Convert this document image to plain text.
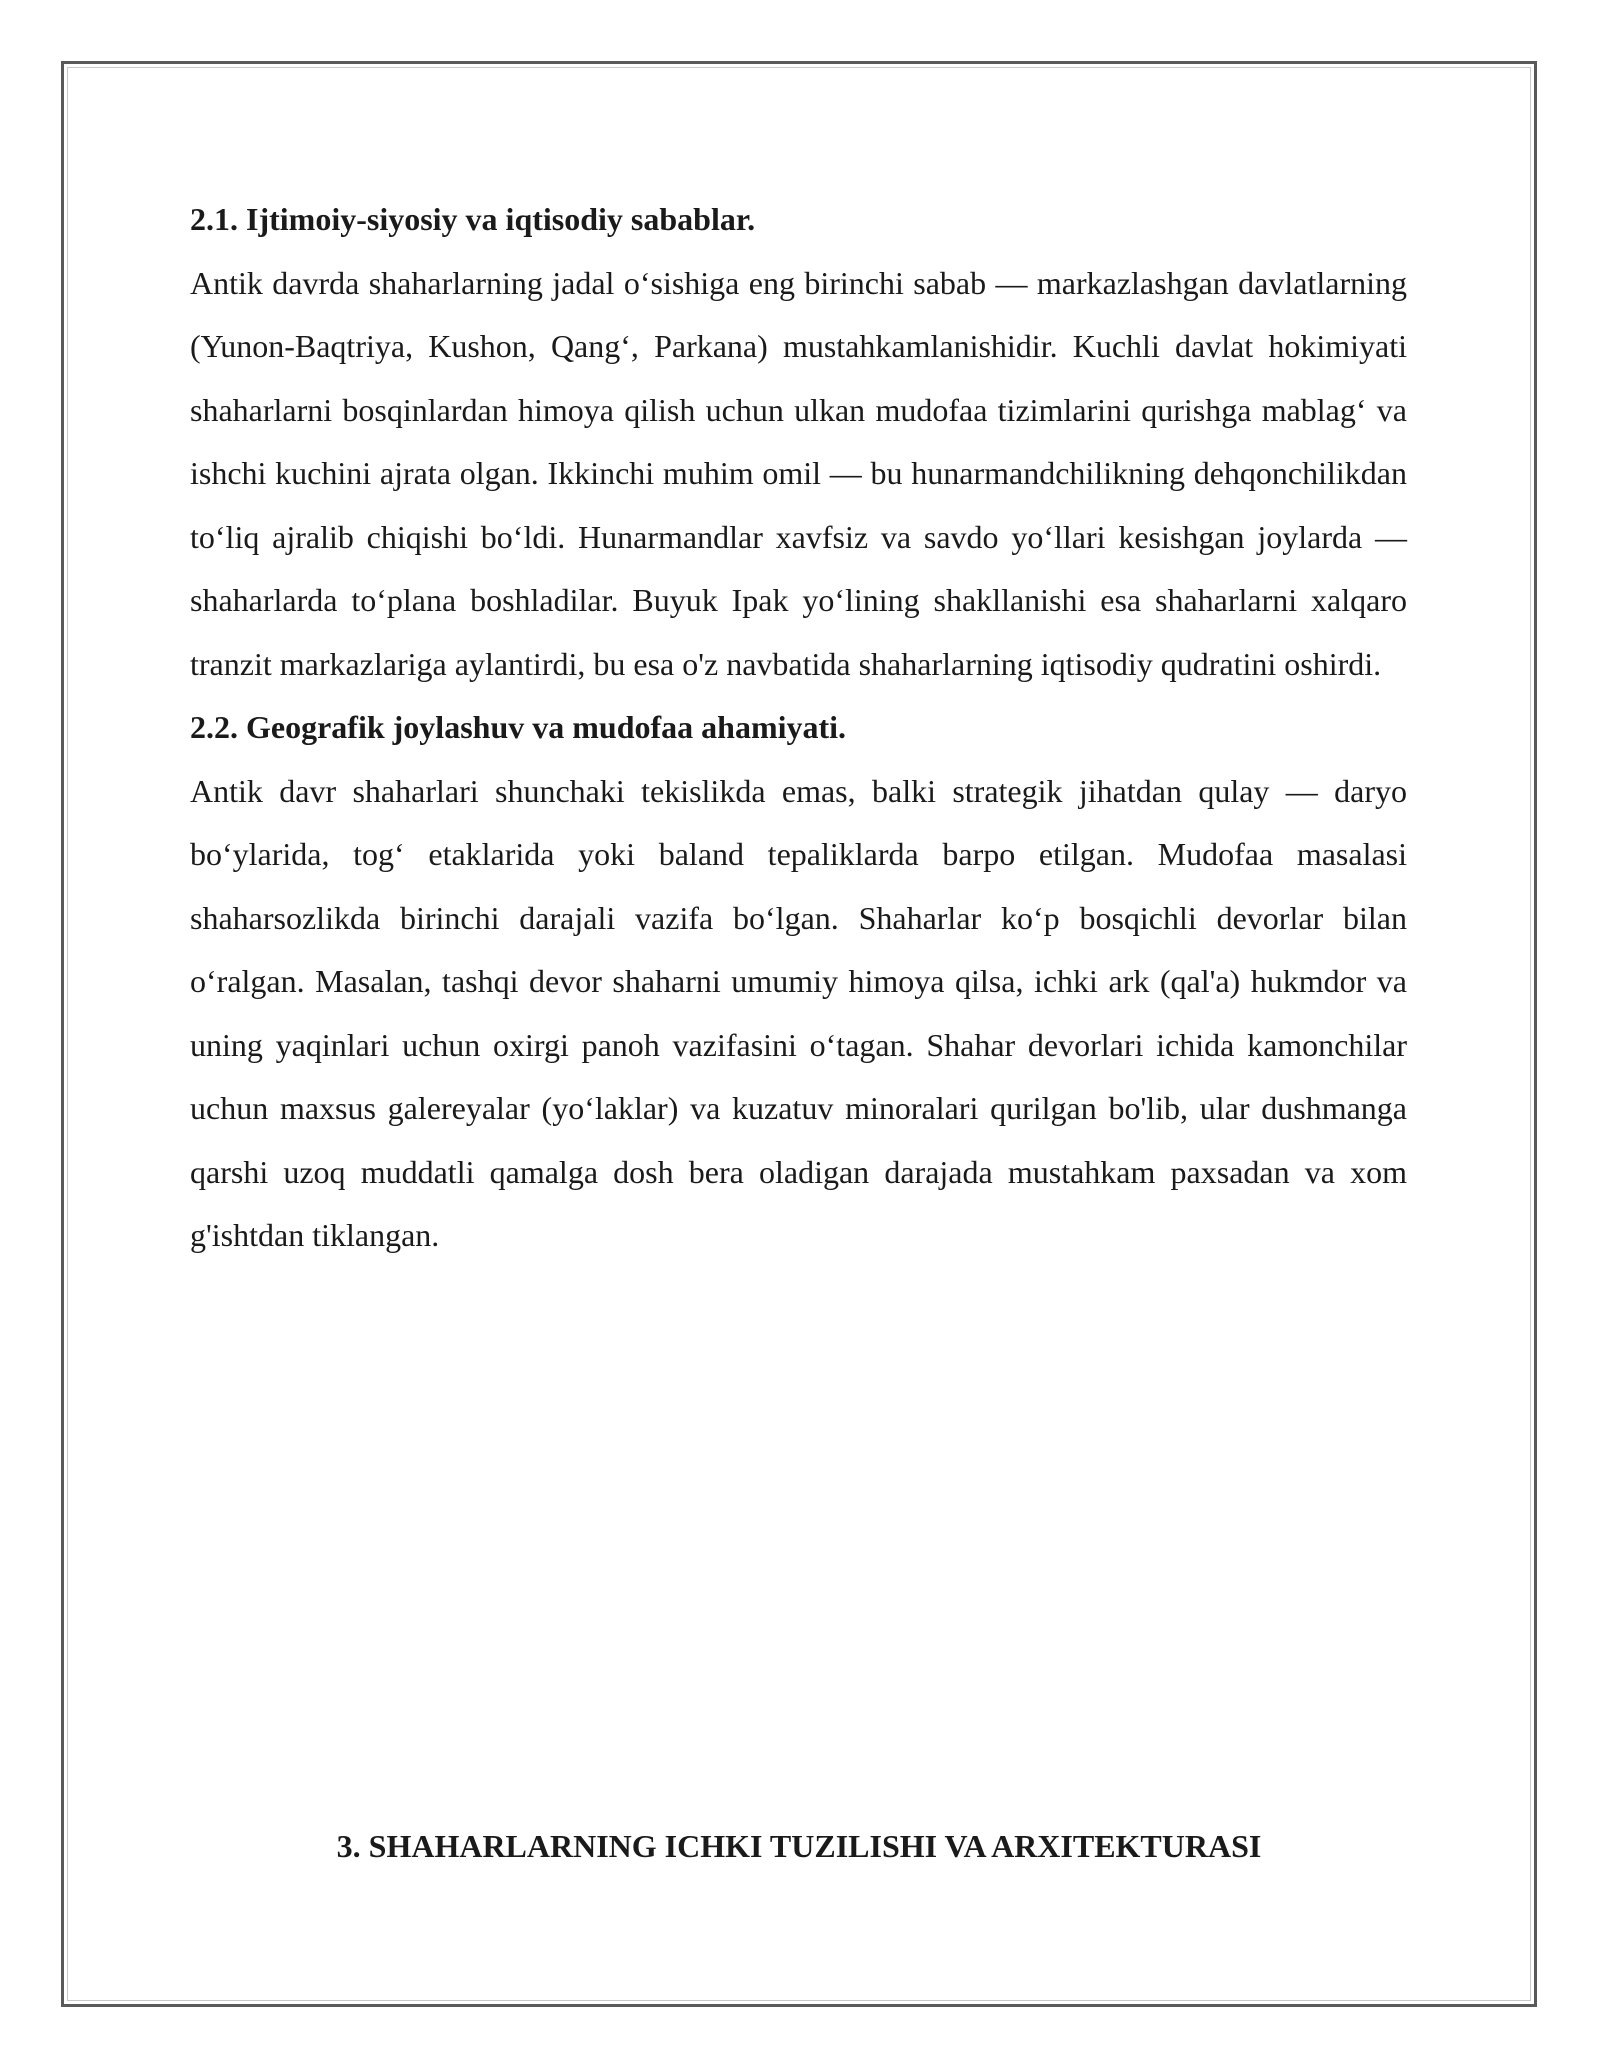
2.1. Ijtimoiy-siyosiy va iqtisodiy sabablar.

Antik davrda shaharlarning jadal o‘sishiga eng birinchi sabab — markazlashgan davlatlarning (Yunon-Baqtriya, Kushon, Qang‘, Parkana) mustahkamlanishidir. Kuchli davlat hokimiyati shaharlarni bosqinlardan himoya qilish uchun ulkan mudofaa tizimlarini qurishga mablag‘ va ishchi kuchini ajrata olgan. Ikkinchi muhim omil — bu hunarmandchilikning dehqonchilikdan to‘liq ajralib chiqishi bo‘ldi. Hunarmandlar xavfsiz va savdo yo‘llari kesishgan joylarda — shaharlarda to‘plana boshladilar. Buyuk Ipak yo‘lining shakllanishi esa shaharlarni xalqaro tranzit markazlariga aylantirdi, bu esa o'z navbatida shaharlarning iqtisodiy qudratini oshirdi.

2.2. Geografik joylashuv va mudofaa ahamiyati.

Antik davr shaharlari shunchaki tekislikda emas, balki strategik jihatdan qulay — daryo bo‘ylarida, tog‘ etaklarida yoki baland tepaliklarda barpo etilgan. Mudofaa masalasi shaharsozlikda birinchi darajali vazifa bo‘lgan. Shaharlar ko‘p bosqichli devorlar bilan o‘ralgan. Masalan, tashqi devor shaharni umumiy himoya qilsa, ichki ark (qal'a) hukmdor va uning yaqinlari uchun oxirgi panoh vazifasini o‘tagan. Shahar devorlari ichida kamonchilar uchun maxsus galereyalar (yo‘laklar) va kuzatuv minoralari qurilgan bo'lib, ular dushmanga qarshi uzoq muddatli qamalga dosh bera oladigan darajada mustahkam paxsadan va xom g'ishtdan tiklangan.

3. SHAHARLARNING ICHKI TUZILISHI VA ARXITEKTURASI
